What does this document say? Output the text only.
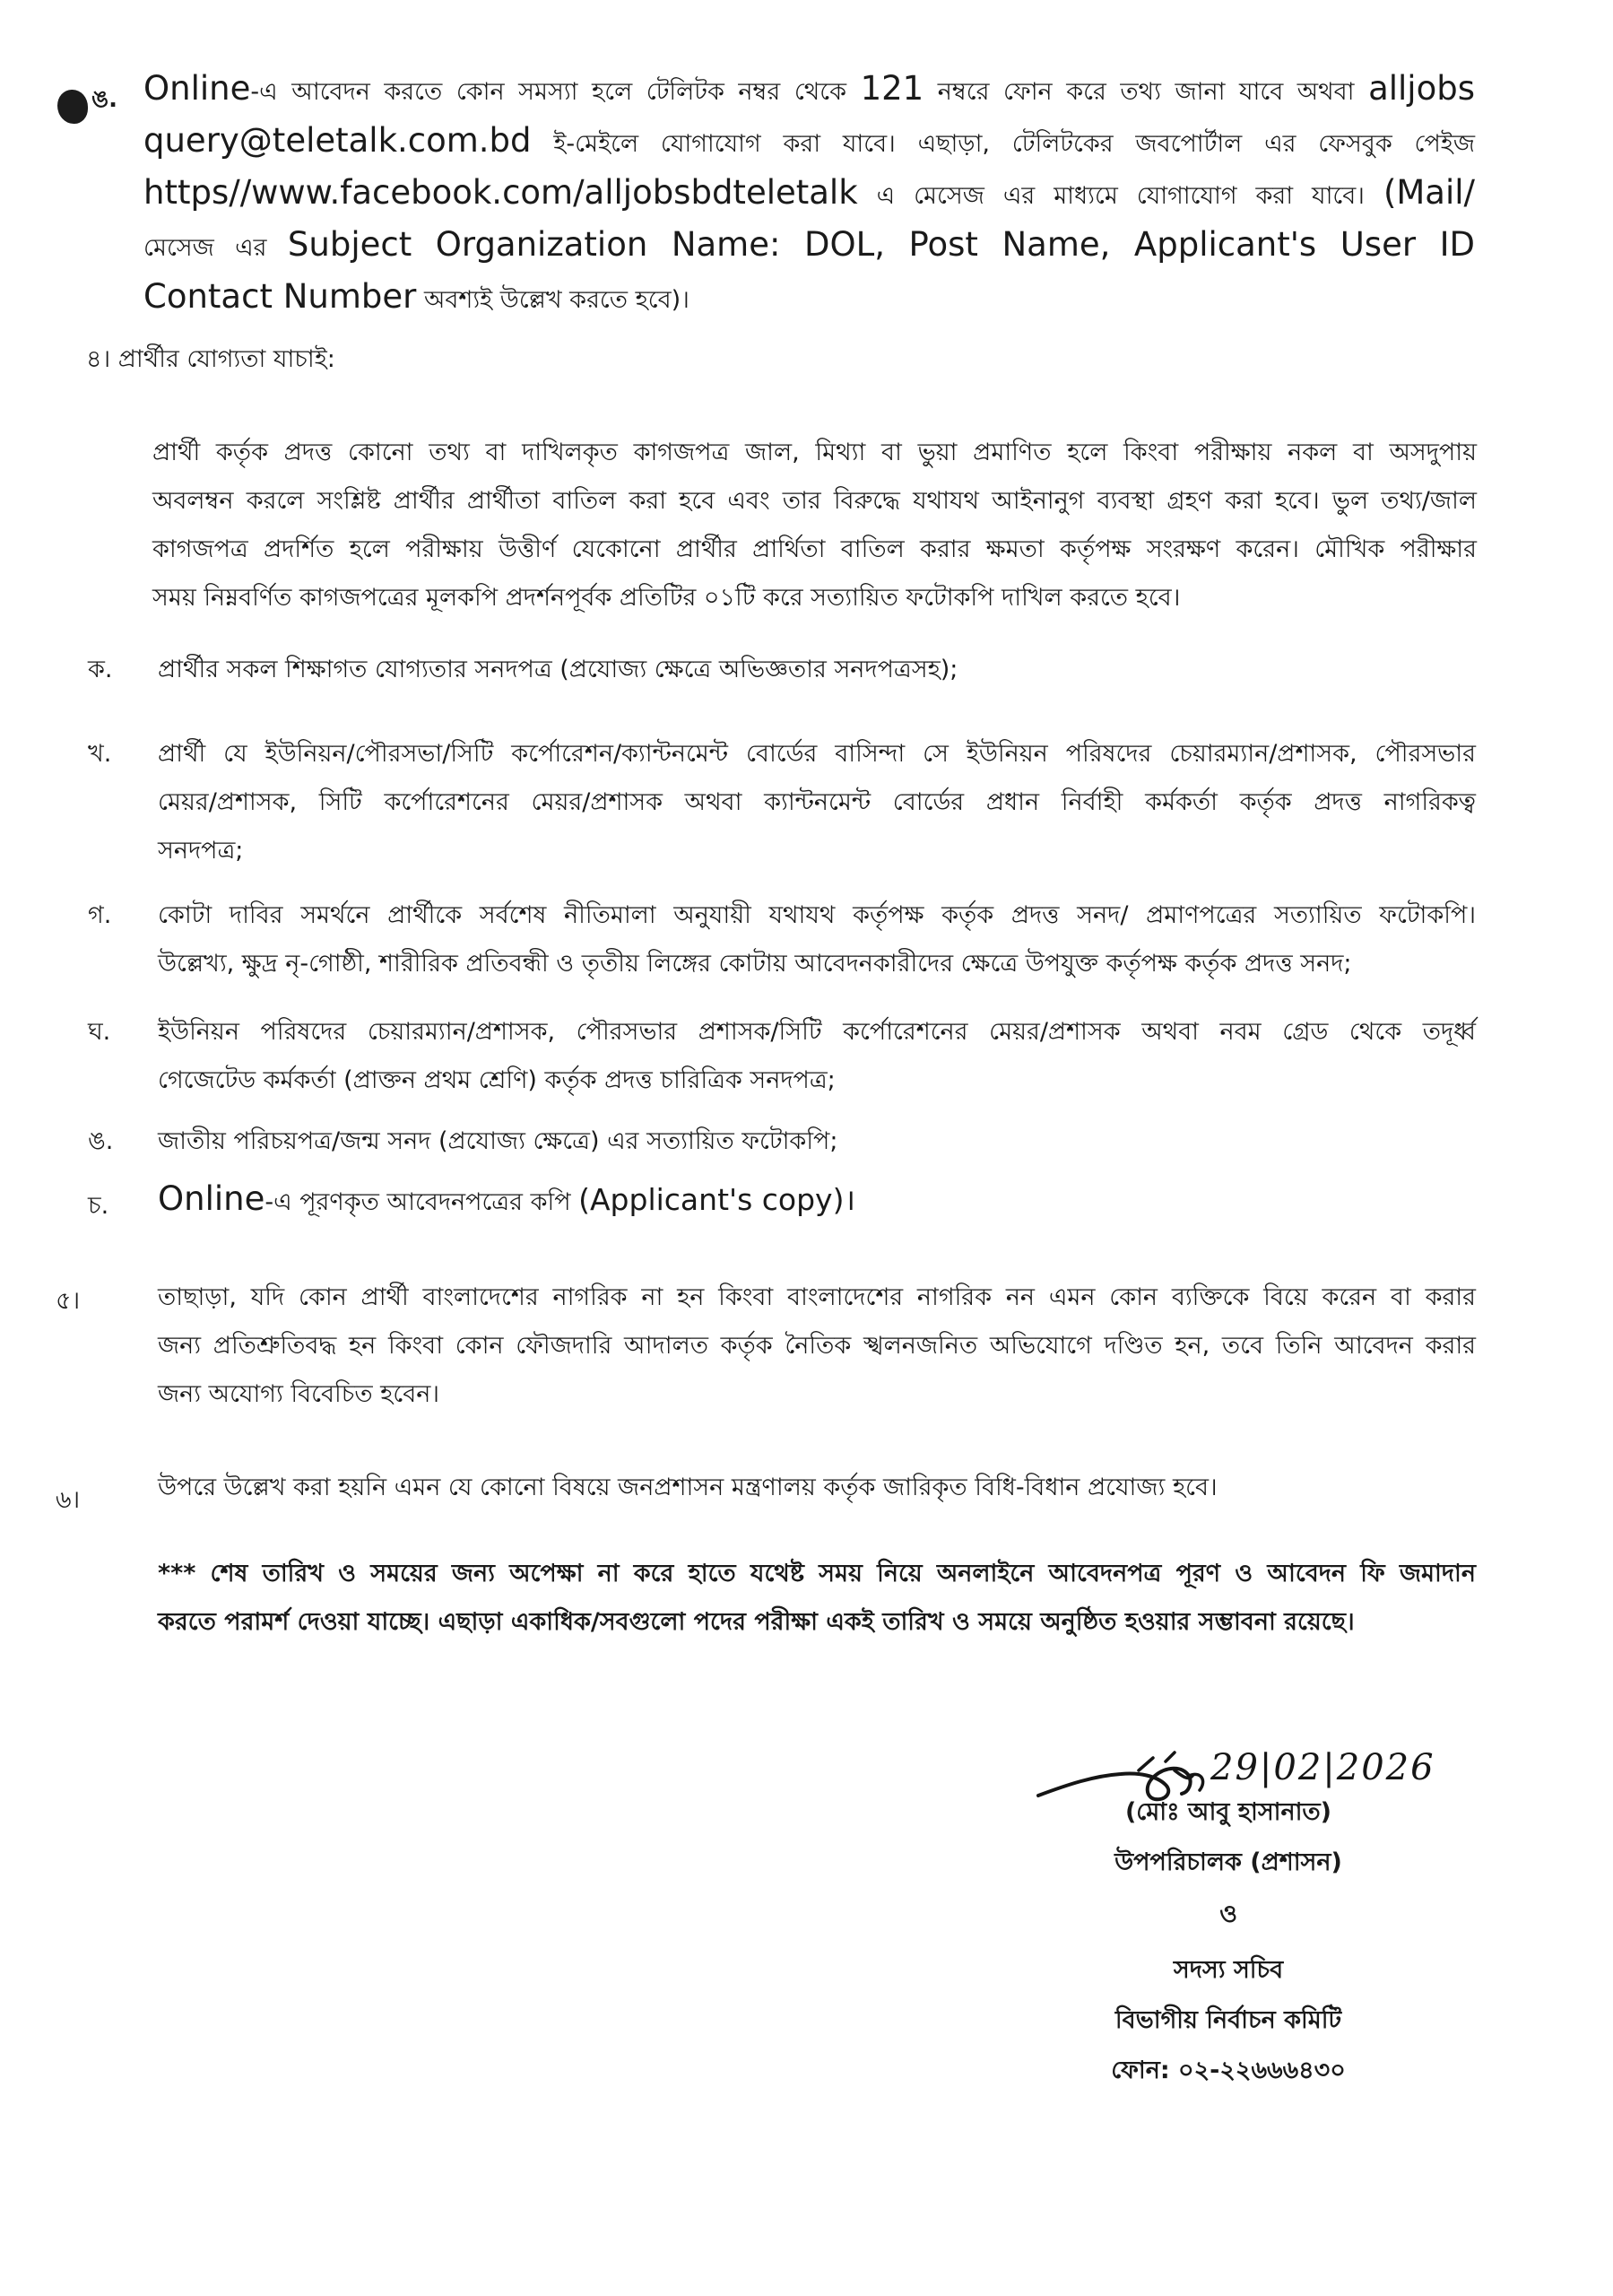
ঙ. Online-এ আবেদন করতে কোন সমস্যা হলে টেলিটক নম্বর থেকে 121 নম্বরে ফোন করে তথ্য জানা যাবে অথবা alljobs
query@teletalk.com.bd ই-মেইলে যোগাযোগ করা যাবে। এছাড়া, টেলিটকের জবপোর্টাল এর ফেসবুক পেইজ
https//www.facebook.com/alljobsbdteletalk এ মেসেজ এর মাধ্যমে যোগাযোগ করা যাবে। (Mail/
মেসেজ এর Subject Organization Name: DOL, Post Name, Applicant's User ID
Contact Number অবশ্যই উল্লেখ করতে হবে)।
৪। প্রার্থীর যোগ্যতা যাচাই:
প্রার্থী কর্তৃক প্রদত্ত কোনো তথ্য বা দাখিলকৃত কাগজপত্র জাল, মিথ্যা বা ভুয়া প্রমাণিত হলে কিংবা পরীক্ষায় নকল বা অসদুপায়
অবলম্বন করলে সংশ্লিষ্ট প্রার্থীর প্রার্থীতা বাতিল করা হবে এবং তার বিরুদ্ধে যথাযথ আইনানুগ ব্যবস্থা গ্রহণ করা হবে। ভুল তথ্য/জাল
কাগজপত্র প্রদর্শিত হলে পরীক্ষায় উত্তীর্ণ যেকোনো প্রার্থীর প্রার্থিতা বাতিল করার ক্ষমতা কর্তৃপক্ষ সংরক্ষণ করেন। মৌখিক পরীক্ষার
সময় নিম্নবর্ণিত কাগজপত্রের মূলকপি প্রদর্শনপূর্বক প্রতিটির ০১টি করে সত্যায়িত ফটোকপি দাখিল করতে হবে।
ক. প্রার্থীর সকল শিক্ষাগত যোগ্যতার সনদপত্র (প্রযোজ্য ক্ষেত্রে অভিজ্ঞতার সনদপত্রসহ);
খ. প্রার্থী যে ইউনিয়ন/পৌরসভা/সিটি কর্পোরেশন/ক্যান্টনমেন্ট বোর্ডের বাসিন্দা সে ইউনিয়ন পরিষদের চেয়ারম্যান/প্রশাসক, পৌরসভার
মেয়র/প্রশাসক, সিটি কর্পোরেশনের মেয়র/প্রশাসক অথবা ক্যান্টনমেন্ট বোর্ডের প্রধান নির্বাহী কর্মকর্তা কর্তৃক প্রদত্ত নাগরিকত্ব
সনদপত্র;
গ. কোটা দাবির সমর্থনে প্রার্থীকে সর্বশেষ নীতিমালা অনুযায়ী যথাযথ কর্তৃপক্ষ কর্তৃক প্রদত্ত সনদ/ প্রমাণপত্রের সত্যায়িত ফটোকপি।
উল্লেখ্য, ক্ষুদ্র নৃ-গোষ্ঠী, শারীরিক প্রতিবন্ধী ও তৃতীয় লিঙ্গের কোটায় আবেদনকারীদের ক্ষেত্রে উপযুক্ত কর্তৃপক্ষ কর্তৃক প্রদত্ত সনদ;
ঘ. ইউনিয়ন পরিষদের চেয়ারম্যান/প্রশাসক, পৌরসভার প্রশাসক/সিটি কর্পোরেশনের মেয়র/প্রশাসক অথবা নবম গ্রেড থেকে তদূর্ধ্ব
গেজেটেড কর্মকর্তা (প্রাক্তন প্রথম শ্রেণি) কর্তৃক প্রদত্ত চারিত্রিক সনদপত্র;
ঙ. জাতীয় পরিচয়পত্র/জন্ম সনদ (প্রযোজ্য ক্ষেত্রে) এর সত্যায়িত ফটোকপি;
চ. Online-এ পূরণকৃত আবেদনপত্রের কপি (Applicant's copy)।
৫।	তাছাড়া, যদি কোন প্রার্থী বাংলাদেশের নাগরিক না হন কিংবা বাংলাদেশের নাগরিক নন এমন কোন ব্যক্তিকে বিয়ে করেন বা করার
জন্য প্রতিশ্রুতিবদ্ধ হন কিংবা কোন ফৌজদারি আদালত কর্তৃক নৈতিক স্খলনজনিত অভিযোগে দণ্ডিত হন, তবে তিনি আবেদন করার
জন্য অযোগ্য বিবেচিত হবেন।
৬।	উপরে উল্লেখ করা হয়নি এমন যে কোনো বিষয়ে জনপ্রশাসন মন্ত্রণালয় কর্তৃক জারিকৃত বিধি-বিধান প্রযোজ্য হবে।
*** শেষ তারিখ ও সময়ের জন্য অপেক্ষা না করে হাতে যথেষ্ট সময় নিয়ে অনলাইনে আবেদনপত্র পূরণ ও আবেদন ফি জমাদান
করতে পরামর্শ দেওয়া যাচ্ছে। এছাড়া একাধিক/সবগুলো পদের পরীক্ষা একই তারিখ ও সময়ে অনুষ্ঠিত হওয়ার সম্ভাবনা রয়েছে।
29|02|2026
(মোঃ আবু হাসানাত)
উপপরিচালক (প্রশাসন)
ও
সদস্য সচিব
বিভাগীয় নির্বাচন কমিটি
ফোন: ০২-২২৬৬৬৪৩০
